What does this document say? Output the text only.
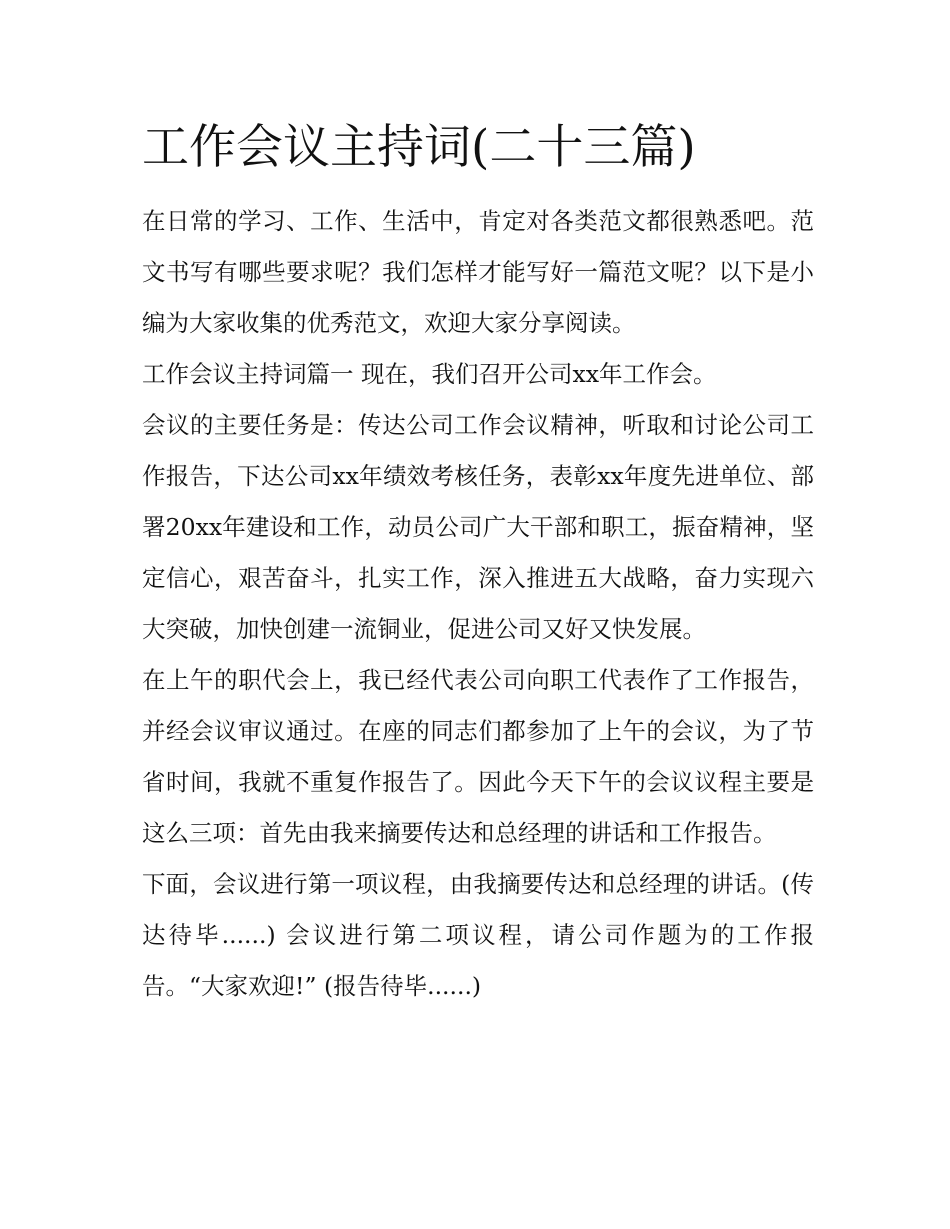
工作会议主持词(二十三篇)

在日常的学习、工作、生活中，肯定对各类范文都很熟悉吧。范文书写有哪些要求呢？我们怎样才能写好一篇范文呢？以下是小编为大家收集的优秀范文，欢迎大家分享阅读。

工作会议主持词篇一 现在，我们召开公司xx年工作会。

会议的主要任务是：传达公司工作会议精神，听取和讨论公司工作报告，下达公司xx年绩效考核任务，表彰xx年度先进单位、部署20xx年建设和工作，动员公司广大干部和职工，振奋精神，坚定信心，艰苦奋斗，扎实工作，深入推进五大战略，奋力实现六大突破，加快创建一流铜业，促进公司又好又快发展。

在上午的职代会上，我已经代表公司向职工代表作了工作报告，并经会议审议通过。在座的同志们都参加了上午的会议，为了节省时间，我就不重复作报告了。因此今天下午的会议议程主要是这么三项：首先由我来摘要传达和总经理的讲话和工作报告。

下面，会议进行第一项议程，由我摘要传达和总经理的讲话。(传达待毕......) 会议进行第二项议程，请公司作题为的工作报告。“大家欢迎!” (报告待毕......)
